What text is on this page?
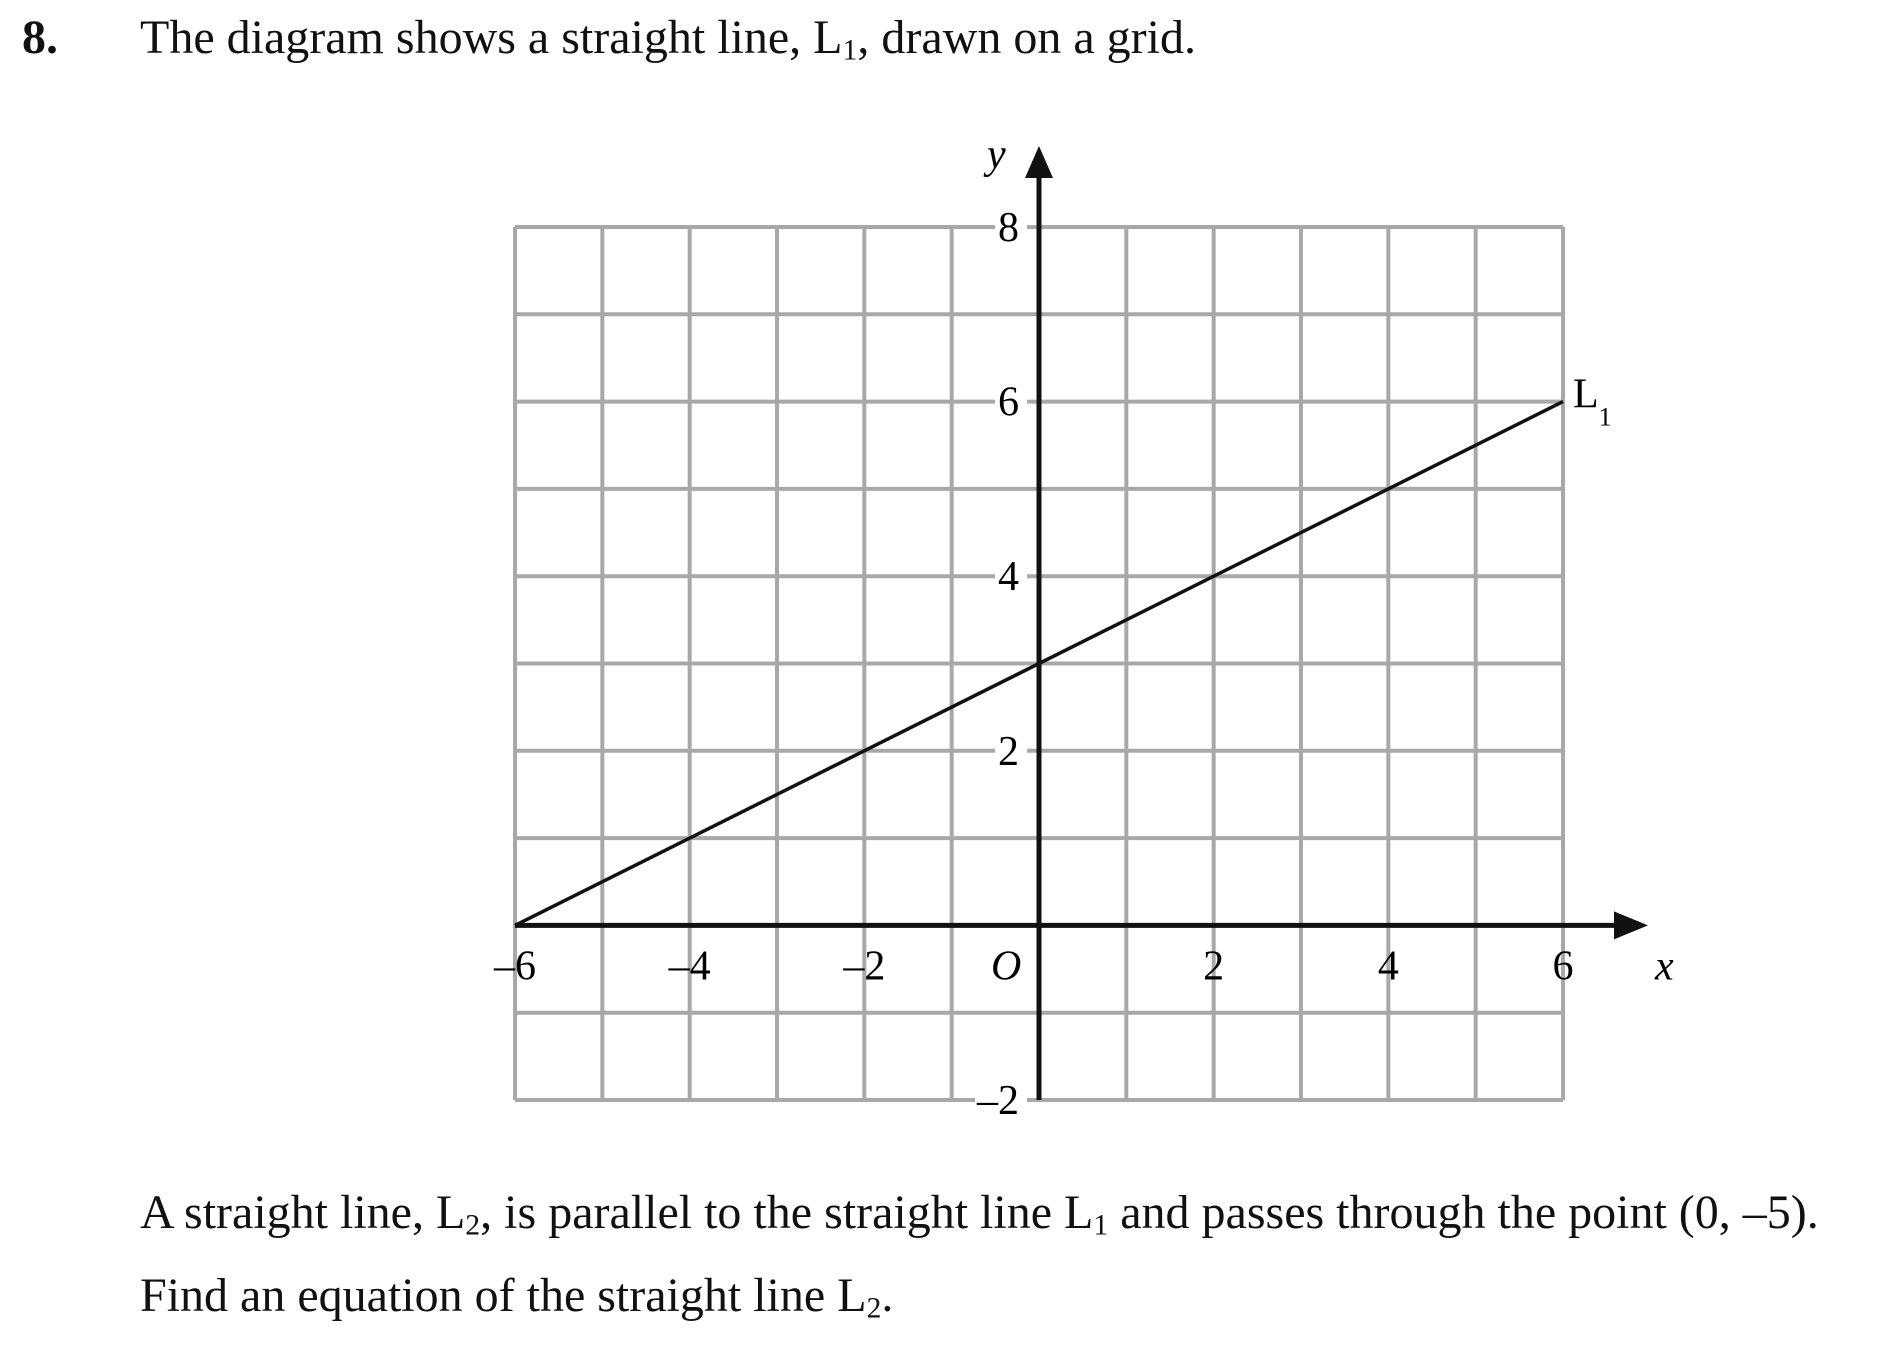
8. The diagram shows a straight line, $L_1$, drawn on a grid.
x
y
O
–6	–4	–2	2	4	6
–2
2
4
6
8
$L_1$
A straight line, $L_2$, is parallel to the straight line $L_1$ and passes through the point (0, –5).
Find an equation of the straight line $L_2$.
